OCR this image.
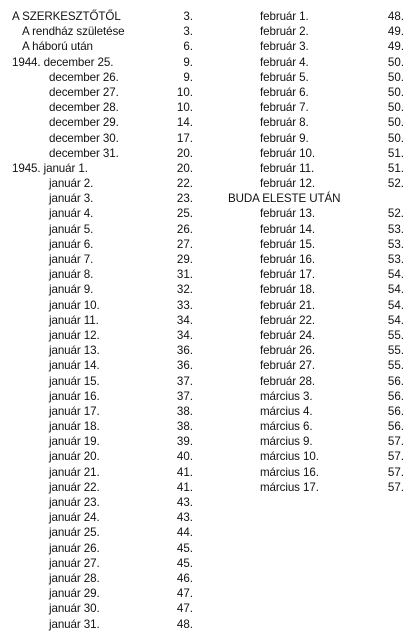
A SZERKESZTŐTŐL	3.
A rendház születése	3.
A háború után	6.
1944. december 25.	9.
december 26.	9.
december 27.	10.
december 28.	10.
december 29.	14.
december 30.	17.
december 31.	20.
1945. január 1.	20.
január 2.	22.
január 3.	23.
január 4.	25.
január 5.	26.
január 6.	27.
január 7.	29.
január 8.	31.
január 9.	32.
január 10.	33.
január 11.	34.
január 12.	34.
január 13.	36.
január 14.	36.
január 15.	37.
január 16.	37.
január 17.	38.
január 18.	38.
január 19.	39.
január 20.	40.
január 21.	41.
január 22.	41.
január 23.	43.
január 24.	43.
január 25.	44.
január 26.	45.
január 27.	45.
január 28.	46.
január 29.	47.
január 30.	47.
január 31.	48.
február 1.	48.
február 2.	49.
február 3.	49.
február 4.	50.
február 5.	50.
február 6.	50.
február 7.	50.
február 8.	50.
február 9.	50.
február 10.	51.
február 11.	51.
február 12.	52.
BUDA ELESTE UTÁN
február 13.	52.
február 14.	53.
február 15.	53.
február 16.	53.
február 17.	54.
február 18.	54.
február 21.	54.
február 22.	54.
február 24.	55.
február 26.	55.
február 27.	55.
február 28.	56.
március 3.	56.
március 4.	56.
március 6.	56.
március 9.	57.
március 10.	57.
március 16.	57.
március 17.	57.
